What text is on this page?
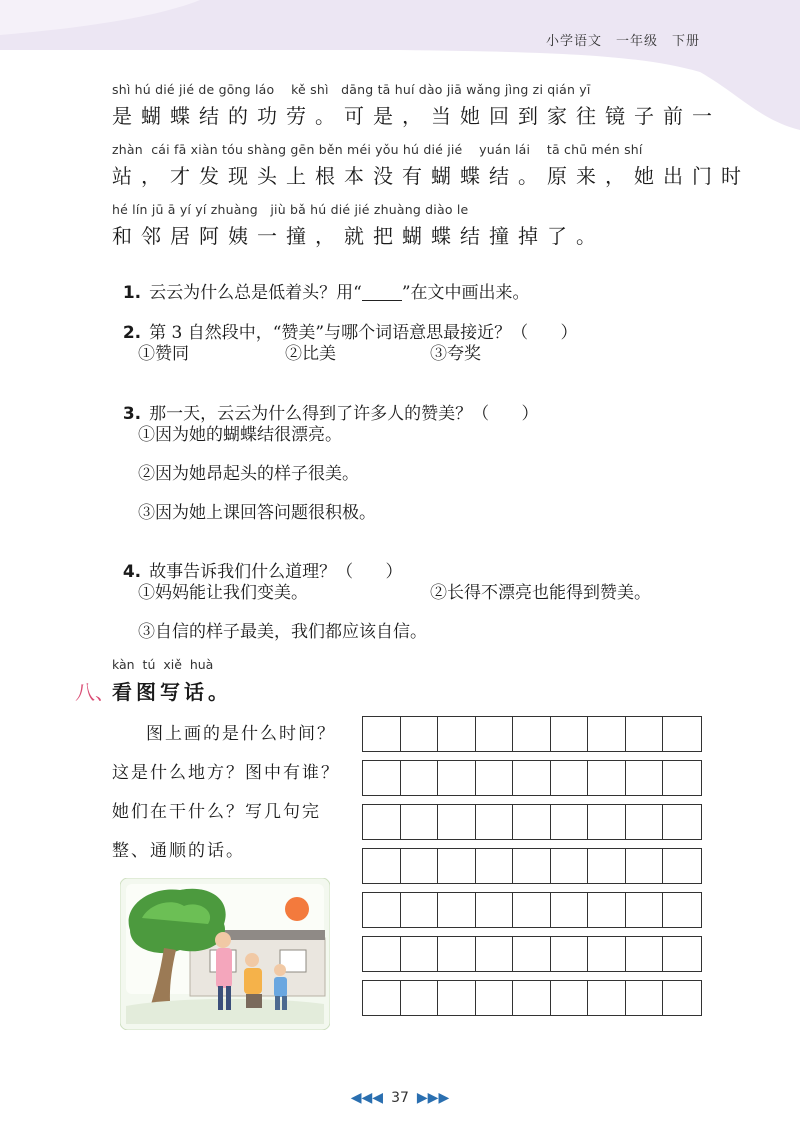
小学语文 一年级 下册
shì hú dié jié de gōng láo    kě shì   dāng tā huí dào jiā wǎng jìng zi qián yī
是蝴蝶结的功劳。可是，当她回到家往镜子前一
zhàn  cái fā xiàn tóu shàng gēn běn méi yǒu hú dié jié    yuán lái    tā chū mén shí
站，才发现头上根本没有蝴蝶结。原来，她出门时
hé lín jū ā yí yí zhuàng   jiù bǎ hú dié jié zhuàng diào le
和邻居阿姨一撞，就把蝴蝶结撞掉了。

1. 云云为什么总是低着头？用“ ”在文中画出来。

2. 第 3 自然段中，“赞美”与哪个词语意思最接近？（      ）

①赞同	②比美	③夸奖

3. 那一天，云云为什么得到了许多人的赞美？（      ）

①因为她的蝴蝶结很漂亮。
②因为她昂起头的样子很美。
③因为她上课回答问题很积极。

4. 故事告诉我们什么道理？（      ）

①妈妈能让我们变美。	②长得不漂亮也能得到赞美。
③自信的样子最美，我们都应该自信。
kàn  tú  xiě  huà
八、
看图写话。
图上画的是什么时间？这是什么地方？图中有谁？她们在干什么？写几句完整、通顺的话。
◀◀◀ 37 ▶▶▶
